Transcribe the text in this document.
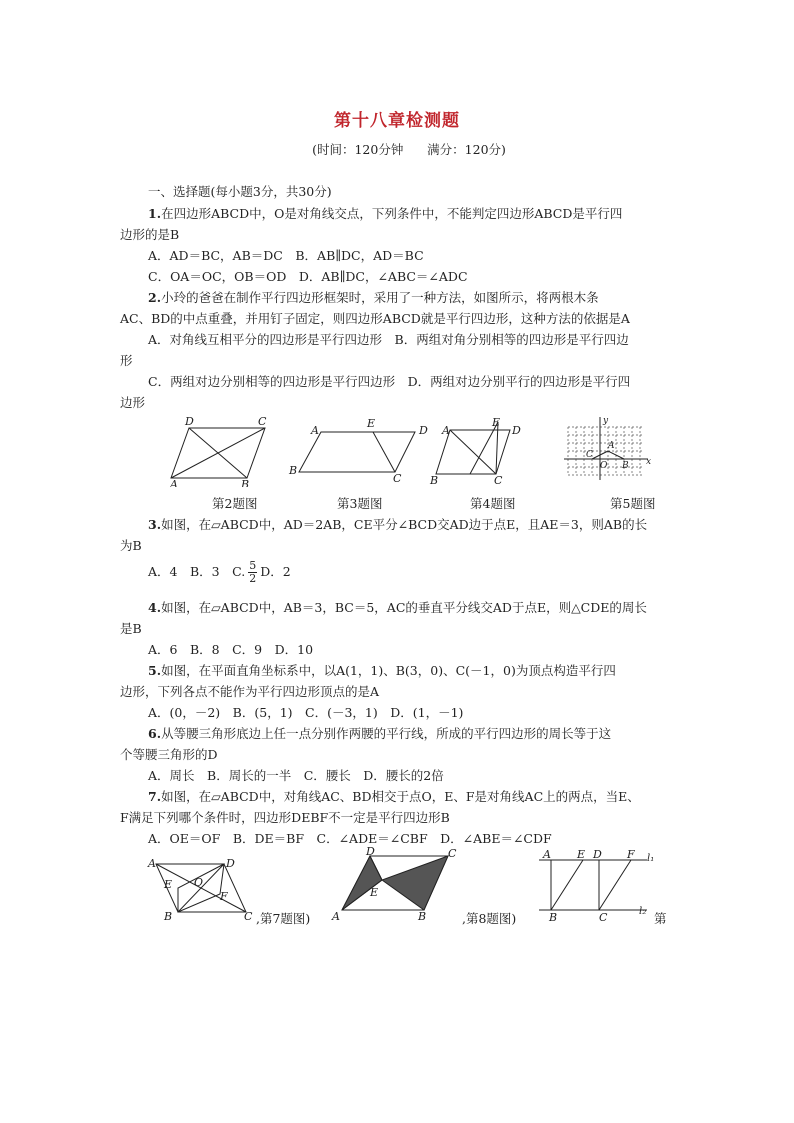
第十八章检测题
(时间：120分钟 满分：120分)
一、选择题(每小题3分，共30分)
1.在四边形ABCD中，O是对角线交点，下列条件中，不能判定四边形ABCD是平行四
边形的是B
A．AD＝BC，AB＝DC　B．AB∥DC，AD＝BC
C．OA＝OC，OB＝OD　D．AB∥DC，∠ABC＝∠ADC
2.小玲的爸爸在制作平行四边形框架时，采用了一种方法，如图所示，将两根木条
AC、BD的中点重叠，并用钉子固定，则四边形ABCD就是平行四边形，这种方法的依据是A
A．对角线互相平分的四边形是平行四边形　B．两组对角分别相等的四边形是平行四边
形
C．两组对边分别相等的四边形是平行四边形　D．两组对边分别平行的四边形是平行四
边形
D	C
A	B
A
E
D
B
C
A
E
D
B	C
y
x
A
C
O B
第2题图	第3题图	第4题图	第5题图
3.如图，在▱ABCD中，AD＝2AB，CE平分∠BCD交AD边于点E，且AE＝3，则AB的长
为B
A．4　B．3　C. $\frac{5}{2}$ D．2
4.如图，在▱ABCD中，AB＝3，BC＝5，AC的垂直平分线交AD于点E，则△CDE的周长
是B
A．6　B．8　C．9　D．10
5.如图，在平面直角坐标系中，以A(1，1)、B(3，0)、C(－1，0)为顶点构造平行四
边形，下列各点不能作为平行四边形顶点的是A
A．(0，－2)　B．(5，1)　C．(－3，1)　D．(1，－1)
6.从等腰三角形底边上任一点分别作两腰的平行线，所成的平行四边形的周长等于这
个等腰三角形的D
A．周长　B．周长的一半　C．腰长　D．腰长的2倍
7.如图，在▱ABCD中，对角线AC、BD相交于点O，E、F是对角线AC上的两点，当E、
F满足下列哪个条件时，四边形DEBF不一定是平行四边形B
A．OE＝OF　B．DE＝BF　C．∠ADE＝∠CBF　D．∠ABE＝∠CDF
A	D
E O
F
B	C ,第7题图)
D	C
E
A	B	,第8题图)
A E D F l₁
B	C	l₂ 第
